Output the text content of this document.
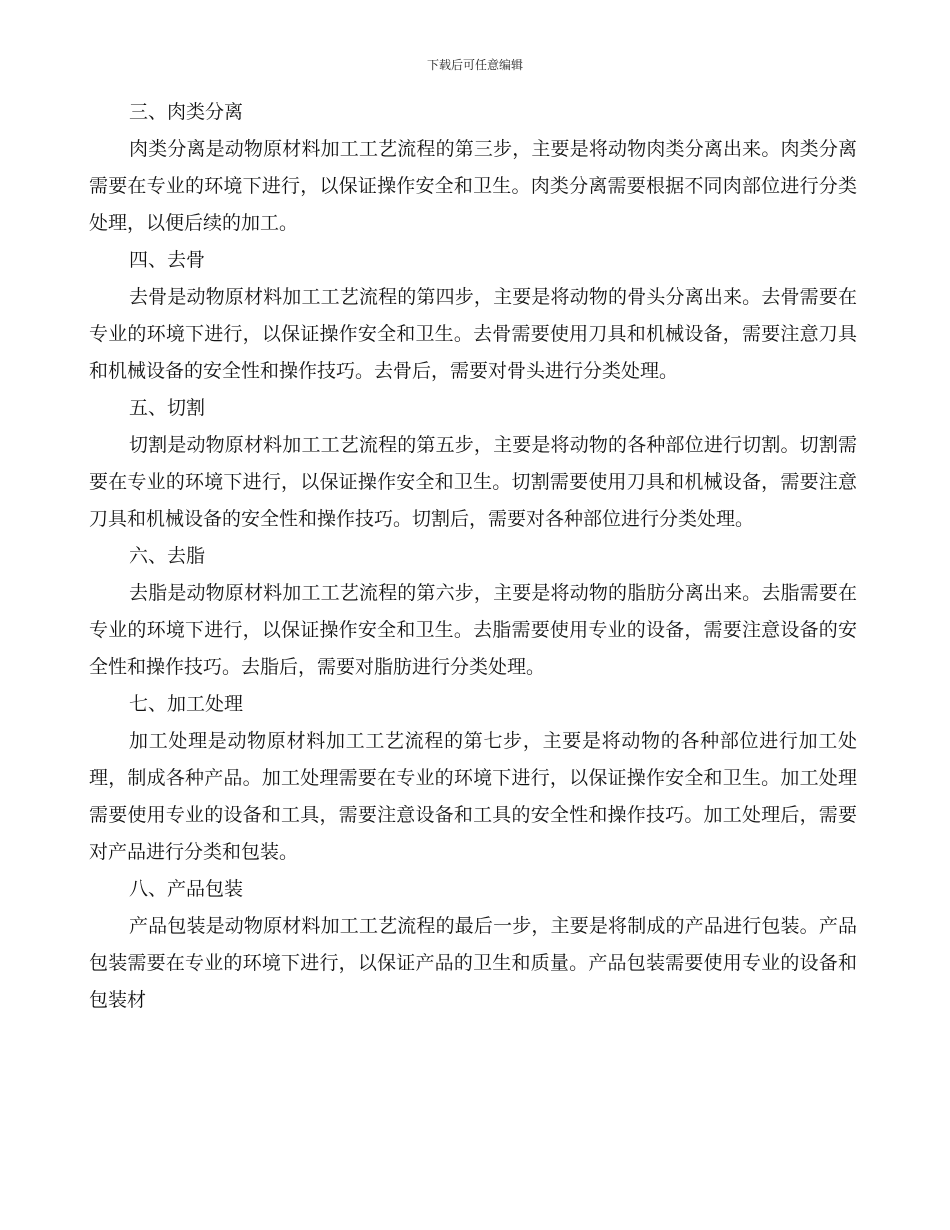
下载后可任意编辑
三、肉类分离

肉类分离是动物原材料加工工艺流程的第三步，主要是将动物肉类分离出来。肉类分离需要在专业的环境下进行，以保证操作安全和卫生。肉类分离需要根据不同肉部位进行分类处理，以便后续的加工。

四、去骨

去骨是动物原材料加工工艺流程的第四步，主要是将动物的骨头分离出来。去骨需要在专业的环境下进行，以保证操作安全和卫生。去骨需要使用刀具和机械设备，需要注意刀具和机械设备的安全性和操作技巧。去骨后，需要对骨头进行分类处理。

五、切割

切割是动物原材料加工工艺流程的第五步，主要是将动物的各种部位进行切割。切割需要在专业的环境下进行，以保证操作安全和卫生。切割需要使用刀具和机械设备，需要注意刀具和机械设备的安全性和操作技巧。切割后，需要对各种部位进行分类处理。

六、去脂

去脂是动物原材料加工工艺流程的第六步，主要是将动物的脂肪分离出来。去脂需要在专业的环境下进行，以保证操作安全和卫生。去脂需要使用专业的设备，需要注意设备的安全性和操作技巧。去脂后，需要对脂肪进行分类处理。

七、加工处理

加工处理是动物原材料加工工艺流程的第七步，主要是将动物的各种部位进行加工处理，制成各种产品。加工处理需要在专业的环境下进行，以保证操作安全和卫生。加工处理需要使用专业的设备和工具，需要注意设备和工具的安全性和操作技巧。加工处理后，需要对产品进行分类和包装。

八、产品包装

产品包装是动物原材料加工工艺流程的最后一步，主要是将制成的产品进行包装。产品包装需要在专业的环境下进行，以保证产品的卫生和质量。产品包装需要使用专业的设备和包装材
